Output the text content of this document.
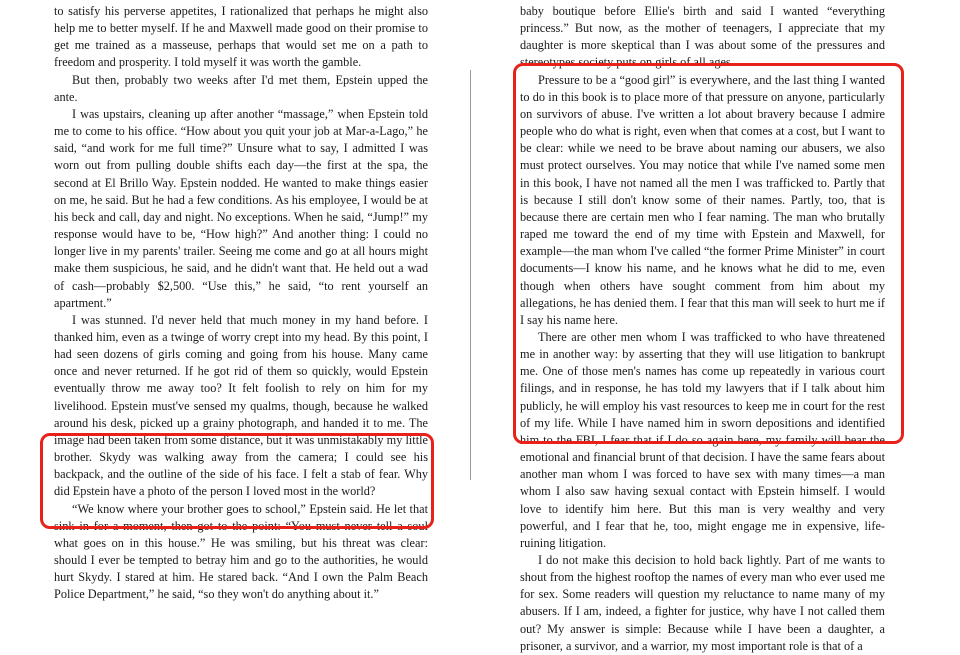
to satisfy his perverse appetites, I rationalized that perhaps he might also help me to better myself. If he and Maxwell made good on their promise to get me trained as a masseuse, perhaps that would set me on a path to freedom and prosperity. I told myself it was worth the gamble.

But then, probably two weeks after I'd met them, Epstein upped the ante.

I was upstairs, cleaning up after another “massage,” when Epstein told me to come to his office. “How about you quit your job at Mar-a-Lago,” he said, “and work for me full time?” Unsure what to say, I admitted I was worn out from pulling double shifts each day—the first at the spa, the second at El Brillo Way. Epstein nodded. He wanted to make things easier on me, he said. But he had a few conditions. As his employee, I would be at his beck and call, day and night. No exceptions. When he said, “Jump!” my response would have to be, “How high?” And another thing: I could no longer live in my parents' trailer. Seeing me come and go at all hours might make them suspicious, he said, and he didn't want that. He held out a wad of cash—probably $2,500. “Use this,” he said, “to rent yourself an apartment.”

I was stunned. I'd never held that much money in my hand before. I thanked him, even as a twinge of worry crept into my head. By this point, I had seen dozens of girls coming and going from his house. Many came once and never returned. If he got rid of them so quickly, would Epstein eventually throw me away too? It felt foolish to rely on him for my livelihood. Epstein must've sensed my qualms, though, because he walked around his desk, picked up a grainy photograph, and handed it to me. The image had been taken from some distance, but it was unmistakably my little brother. Skydy was walking away from the camera; I could see his backpack, and the outline of the side of his face. I felt a stab of fear. Why did Epstein have a photo of the person I loved most in the world?

“We know where your brother goes to school,” Epstein said. He let that sink in for a moment, then got to the point: “You must never tell a soul what goes on in this house.” He was smiling, but his threat was clear: should I ever be tempted to betray him and go to the authorities, he would hurt Skydy. I stared at him. He stared back. “And I own the Palm Beach Police Department,” he said, “so they won't do anything about it.”

baby boutique before Ellie's birth and said I wanted “everything princess.” But now, as the mother of teenagers, I appreciate that my daughter is more skeptical than I was about some of the pressures and stereotypes society puts on girls of all ages.

Pressure to be a “good girl” is everywhere, and the last thing I wanted to do in this book is to place more of that pressure on anyone, particularly on survivors of abuse. I've written a lot about bravery because I admire people who do what is right, even when that comes at a cost, but I want to be clear: while we need to be brave about naming our abusers, we also must protect ourselves. You may notice that while I've named some men in this book, I have not named all the men I was trafficked to. Partly that is because I still don't know some of their names. Partly, too, that is because there are certain men who I fear naming. The man who brutally raped me toward the end of my time with Epstein and Maxwell, for example—the man whom I've called “the former Prime Minister” in court documents—I know his name, and he knows what he did to me, even though when others have sought comment from him about my allegations, he has denied them. I fear that this man will seek to hurt me if I say his name here.

There are other men whom I was trafficked to who have threatened me in another way: by asserting that they will use litigation to bankrupt me. One of those men's names has come up repeatedly in various court filings, and in response, he has told my lawyers that if I talk about him publicly, he will employ his vast resources to keep me in court for the rest of my life. While I have named him in sworn depositions and identified him to the FBI, I fear that if I do so again here, my family will bear the emotional and financial brunt of that decision. I have the same fears about another man whom I was forced to have sex with many times—a man whom I also saw having sexual contact with Epstein himself. I would love to identify him here. But this man is very wealthy and very powerful, and I fear that he, too, might engage me in expensive, life-ruining litigation.

I do not make this decision to hold back lightly. Part of me wants to shout from the highest rooftop the names of every man who ever used me for sex. Some readers will question my reluctance to name many of my abusers. If I am, indeed, a fighter for justice, why have I not called them out? My answer is simple: Because while I have been a daughter, a prisoner, a survivor, and a warrior, my most important role is that of a
